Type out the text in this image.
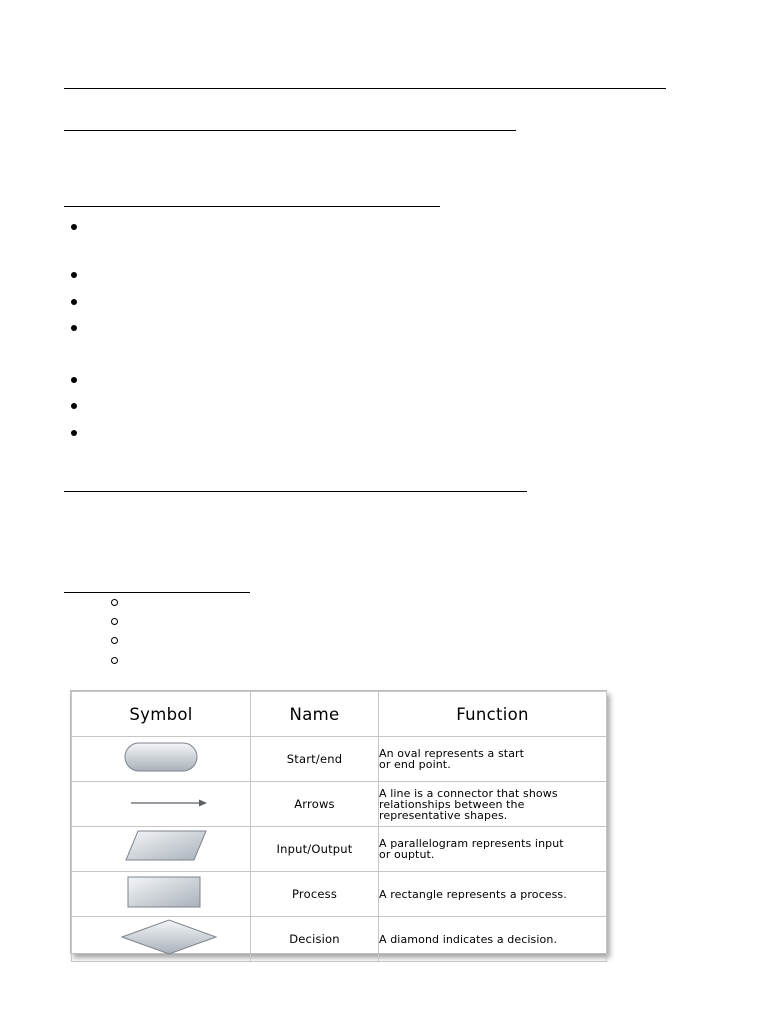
Symbol	Name	Function
	Start/end	An oval represents a start
or end point.

	Arrows	A line is a connector that shows
relationships between the
representative shapes.

	Input/Output	A parallelogram represents input
or ouptut.

	Process	A rectangle represents a process.

	Decision	A diamond indicates a decision.
